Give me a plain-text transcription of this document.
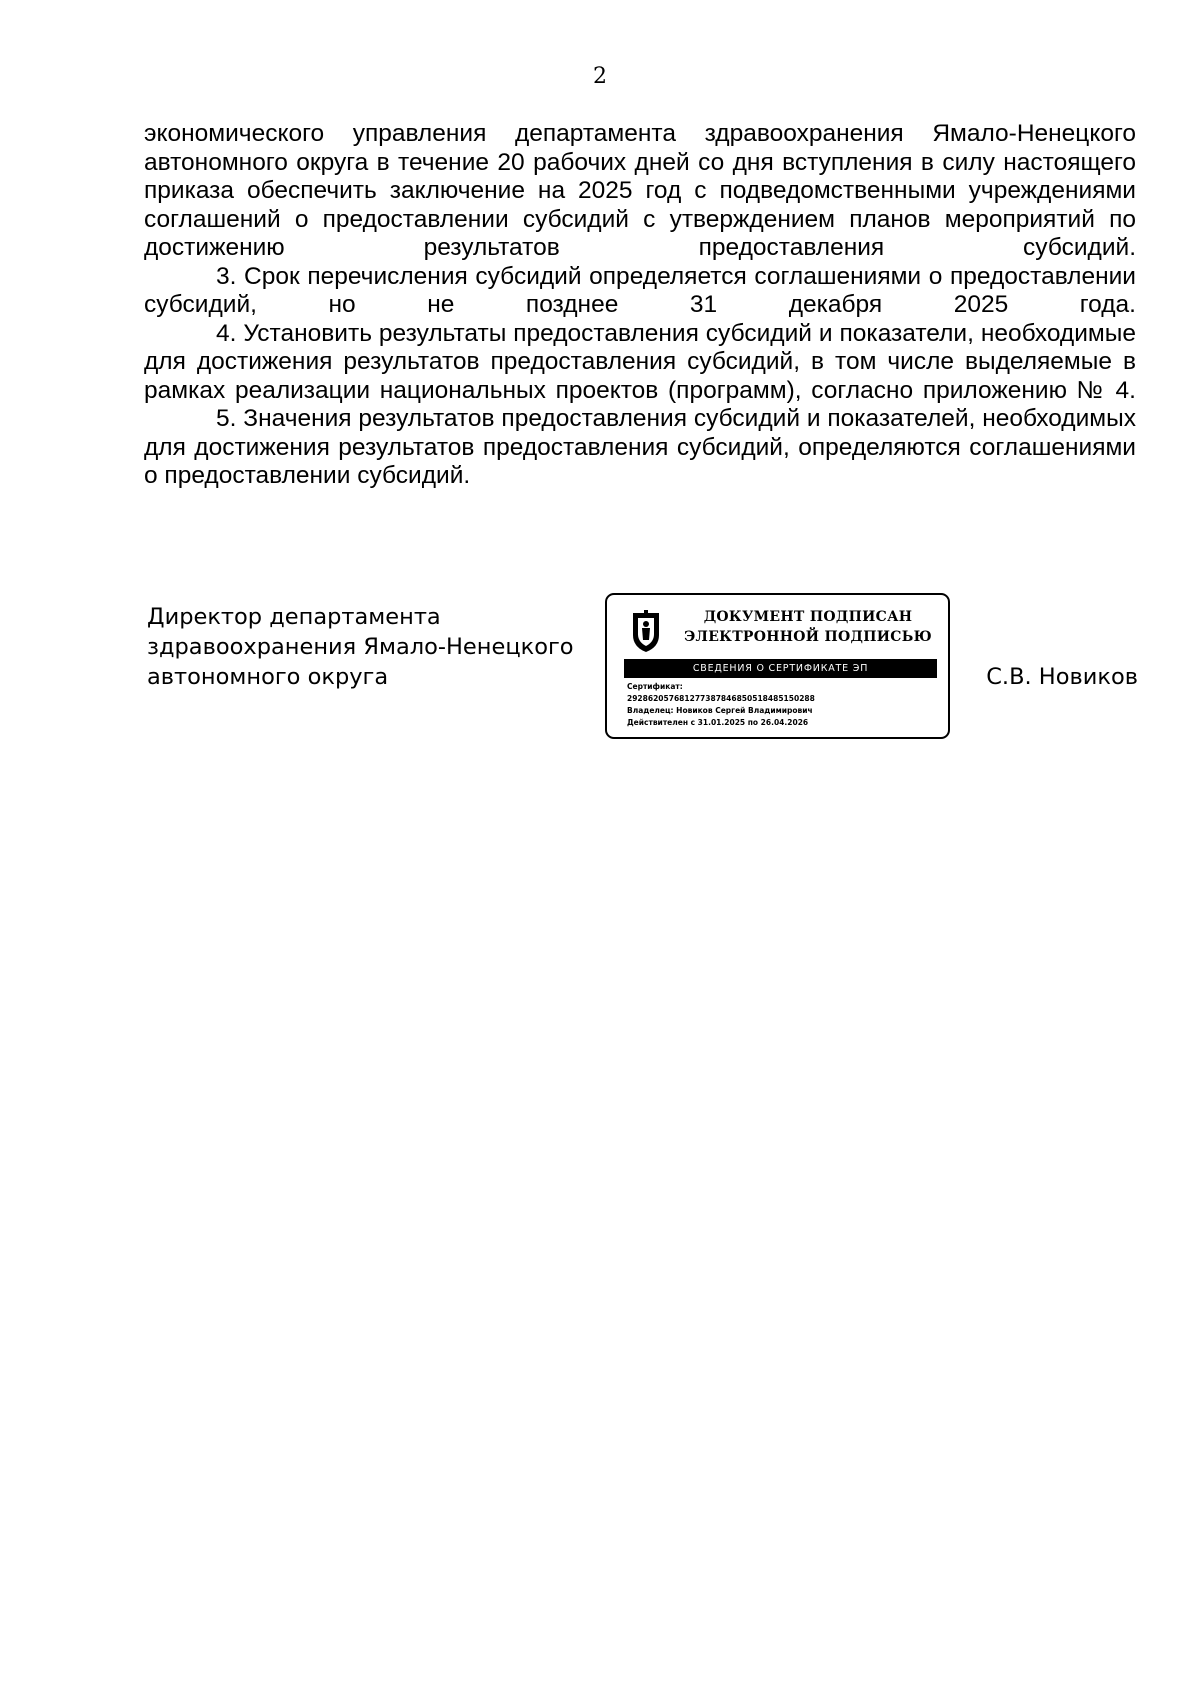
2

экономического управления департамента здравоохранения Ямало-Ненецкого автономного округа в течение 20 рабочих дней со дня вступления в силу настоящего приказа обеспечить заключение на 2025 год с подведомственными учреждениями соглашений о предоставлении субсидий с утверждением планов мероприятий по достижению результатов предоставления субсидий.

3. Срок перечисления субсидий определяется соглашениями о предоставлении субсидий, но не позднее 31 декабря 2025 года.

4. Установить результаты предоставления субсидий и показатели, необходимые для достижения результатов предоставления субсидий, в том числе выделяемые в рамках реализации национальных проектов (программ), согласно приложению № 4.

5. Значения результатов предоставления субсидий и показателей, необходимых для достижения результатов предоставления субсидий, определяются соглашениями о предоставлении субсидий.

Директор департамента
здравоохранения Ямало-Ненецкого
автономного округа
ДОКУМЕНТ ПОДПИСАН
ЭЛЕКТРОННОЙ ПОДПИСЬЮ
СВЕДЕНИЯ О СЕРТИФИКАТЕ ЭП
Сертификат:
292862057681277387846850518485150288
Владелец: Новиков Сергей Владимирович
Действителен с 31.01.2025 по 26.04.2026
С.В. Новиков
